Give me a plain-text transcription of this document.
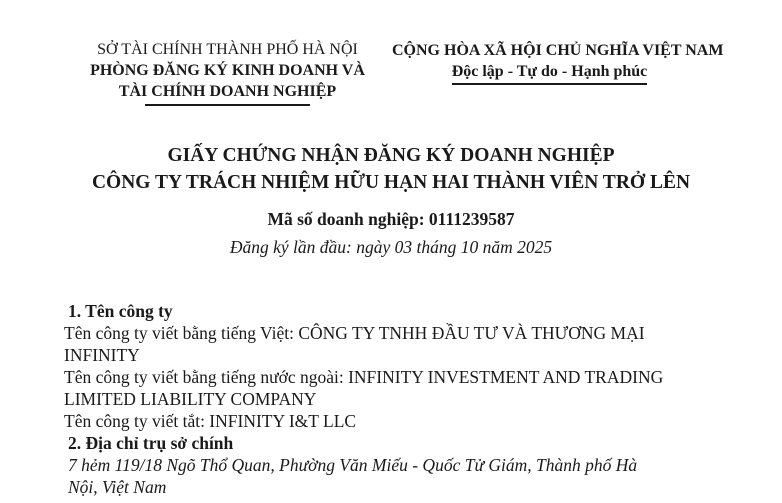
SỞ TÀI CHÍNH THÀNH PHỐ HÀ NỘI
PHÒNG ĐĂNG KÝ KINH DOANH VÀ
TÀI CHÍNH DOANH NGHIỆP
CỘNG HÒA XÃ HỘI CHỦ NGHĨA VIỆT NAM
Độc lập - Tự do - Hạnh phúc
GIẤY CHỨNG NHẬN ĐĂNG KÝ DOANH NGHIỆP
CÔNG TY TRÁCH NHIỆM HỮU HẠN HAI THÀNH VIÊN TRỞ LÊN
Mã số doanh nghiệp: 0111239587
Đăng ký lần đầu: ngày 03 tháng 10 năm 2025
1. Tên công ty
Tên công ty viết bằng tiếng Việt: CÔNG TY TNHH ĐẦU TƯ VÀ THƯƠNG MẠI
INFINITY
Tên công ty viết bằng tiếng nước ngoài: INFINITY INVESTMENT AND TRADING
LIMITED LIABILITY COMPANY
Tên công ty viết tắt: INFINITY I&T LLC
2. Địa chỉ trụ sở chính
7 hẻm 119/18 Ngõ Thổ Quan, Phường Văn Miếu - Quốc Tử Giám, Thành phố Hà
Nội, Việt Nam
